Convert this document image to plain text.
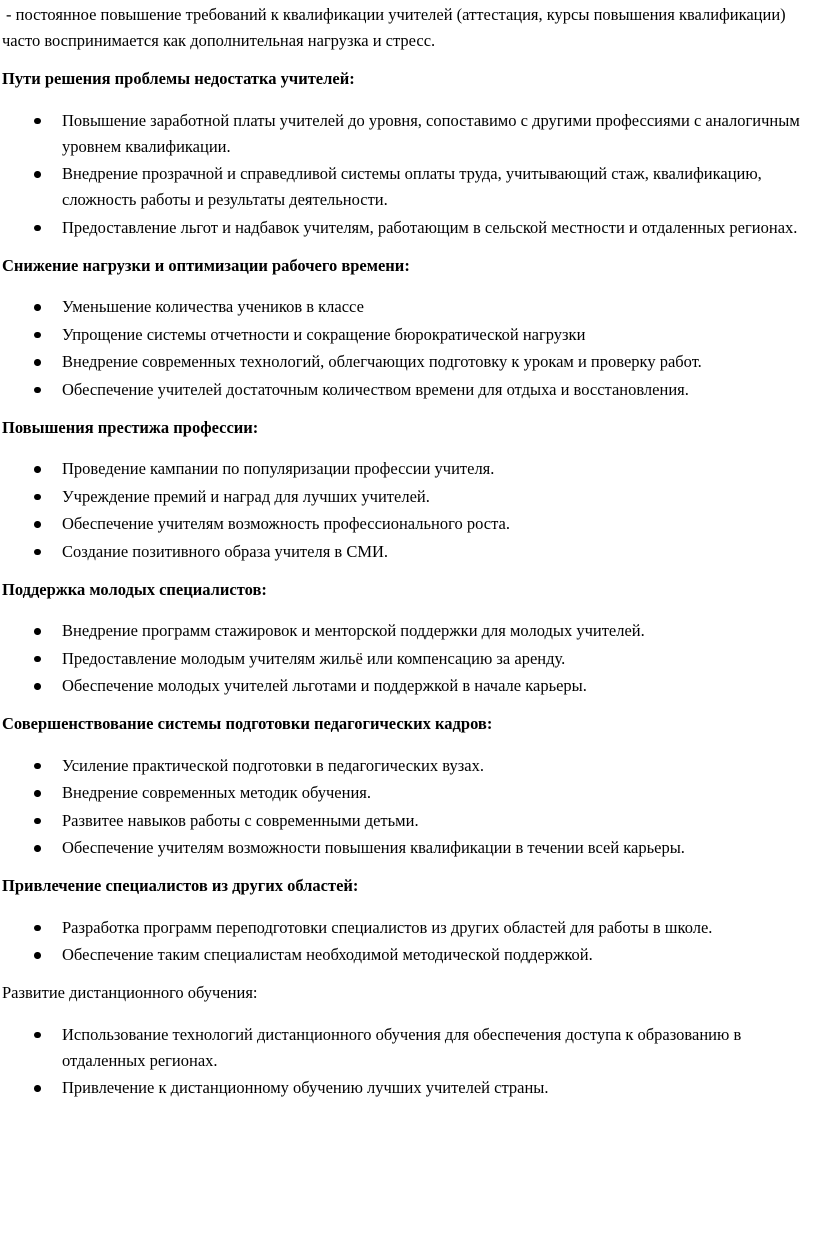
- постоянное повышение требований к квалификации учителей (аттестация, курсы повышения квалификации) часто воспринимается как дополнительная нагрузка и стресс.

Пути решения проблемы недостатка учителей:

Повышение заработной платы учителей до уровня, сопоставимо с другими профессиями с аналогичным уровнем квалификации.
Внедрение прозрачной и справедливой системы оплаты труда, учитывающий стаж, квалификацию, сложность работы и результаты деятельности.
Предоставление льгот и надбавок учителям, работающим в сельской местности и отдаленных регионах.

Снижение нагрузки и оптимизации рабочего времени:

Уменьшение количества учеников в классе
Упрощение системы отчетности и сокращение бюрократической нагрузки
Внедрение современных технологий, облегчающих подготовку к урокам и проверку работ.
Обеспечение учителей достаточным количеством времени для отдыха и восстановления.

Повышения престижа профессии:

Проведение кампании по популяризации профессии учителя.
Учреждение премий и наград для лучших учителей.
Обеспечение учителям возможность профессионального роста.
Создание позитивного образа учителя в СМИ.

Поддержка молодых специалистов:

Внедрение программ стажировок и менторской поддержки для молодых учителей.
Предоставление молодым учителям жильё или компенсацию за аренду.
Обеспечение молодых учителей льготами и поддержкой в начале карьеры.

Совершенствование системы подготовки педагогических кадров:

Усиление практической подготовки в педагогических вузах.
Внедрение современных методик обучения.
Развитее навыков работы с современными детьми.
Обеспечение учителям возможности повышения квалификации в течении всей карьеры.

Привлечение специалистов из других областей:

Разработка программ переподготовки специалистов из других областей для работы в школе.
Обеспечение таким специалистам необходимой методической поддержкой.

Развитие дистанционного обучения:

Использование технологий дистанционного обучения для обеспечения доступа к образованию в отдаленных регионах.
Привлечение к дистанционному обучению лучших учителей страны.
